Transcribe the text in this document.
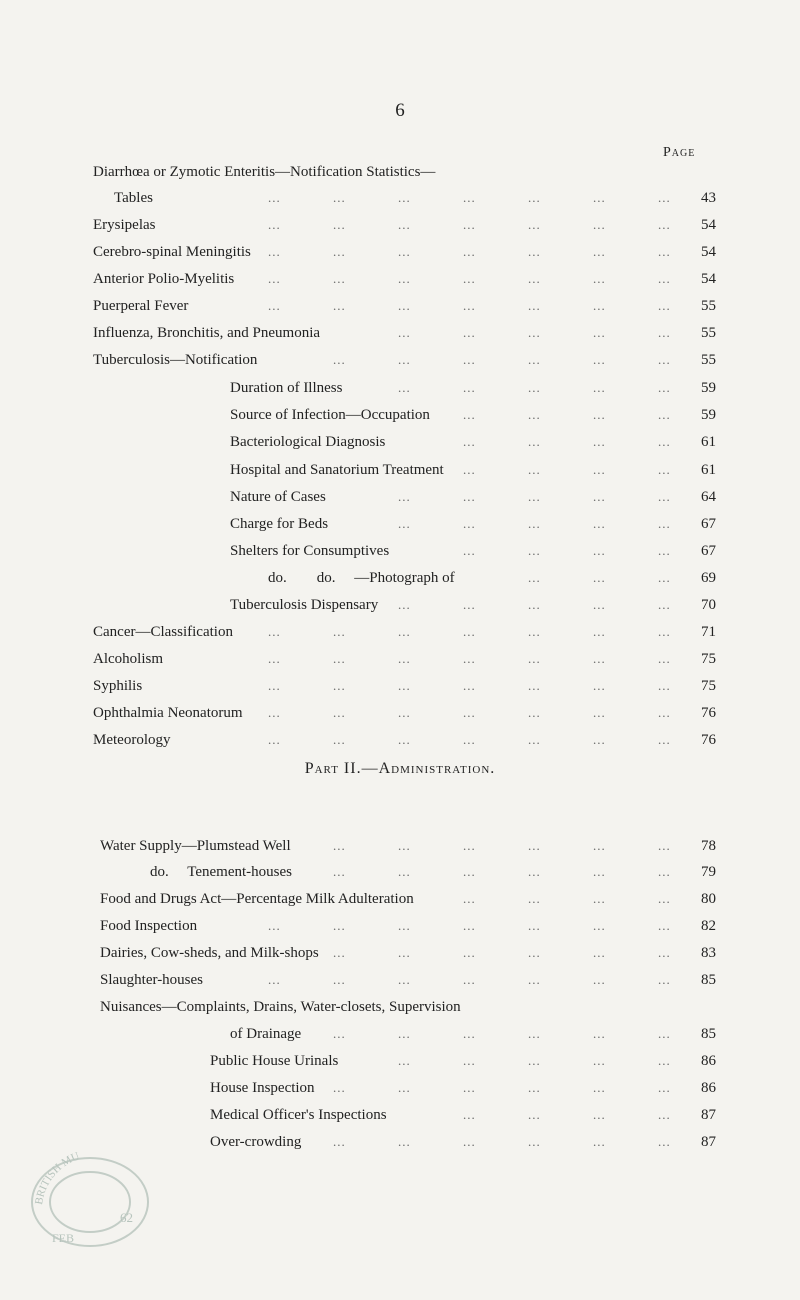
6
Page
Diarrhœa or Zymotic Enteritis—Notification Statistics—
Tables	...	...	...	...	...	...	...	43
Erysipelas	...	...	...	...	...	...	...	54
Cerebro-spinal Meningitis ...	...	...	...	...	...	...	54
Anterior Polio-Myelitis	...	...	...	...	...	...	...	54
Puerperal Fever	...	...	...	...	...	...	...	55
Influenza, Bronchitis, and Pneumonia	...	...	...	...	...	55
Tuberculosis—Notification	...	...	...	...	...	...	55
Duration of Illness	...	...	...	...	...	59
Source of Infection—Occupation	...	...	...	...	59
Bacteriological Diagnosis	...	...	...	...	61
Hospital and Sanatorium Treatment ...	...	...	...	61
Nature of Cases	...	...	...	...	...	64
Charge for Beds	...	...	...	...	...	67
Shelters for Consumptives	...	...	...	...	67
do.        do.     —Photograph of	...	...	...	69
Tuberculosis Dispensary ...	...	...	...	...	70
Cancer—Classification	...	...	...	...	...	...	...	71
Alcoholism	...	...	...	...	...	...	...	75
Syphilis	...	...	...	...	...	...	...	75
Ophthalmia Neonatorum ...	...	...	...	...	...	...	76
Meteorology	...	...	...	...	...	...	...	76
Part II.—Administration.
Water Supply—Plumstead Well	...	...	...	...	...	...	78
do.     Tenement-houses	...	...	...	...	...	...	79
Food and Drugs Act—Percentage Milk Adulteration	...	...	...	...	80
Food Inspection	...	...	...	...	...	...	...	82
Dairies, Cow-sheds, and Milk-shops ...	...	...	...	...	...	83
Slaughter-houses	...	...	...	...	...	...	...	85
Nuisances—Complaints, Drains, Water-closets, Supervision
of Drainage ...	...	...	...	...	...	85
Public House Urinals	...	...	...	...	...	86
House Inspection ...	...	...	...	...	...	86
Medical Officer's Inspections	...	...	...	...	87
Over-crowding ...	...	...	...	...	...	87
BRITISH MU
FEB
62
